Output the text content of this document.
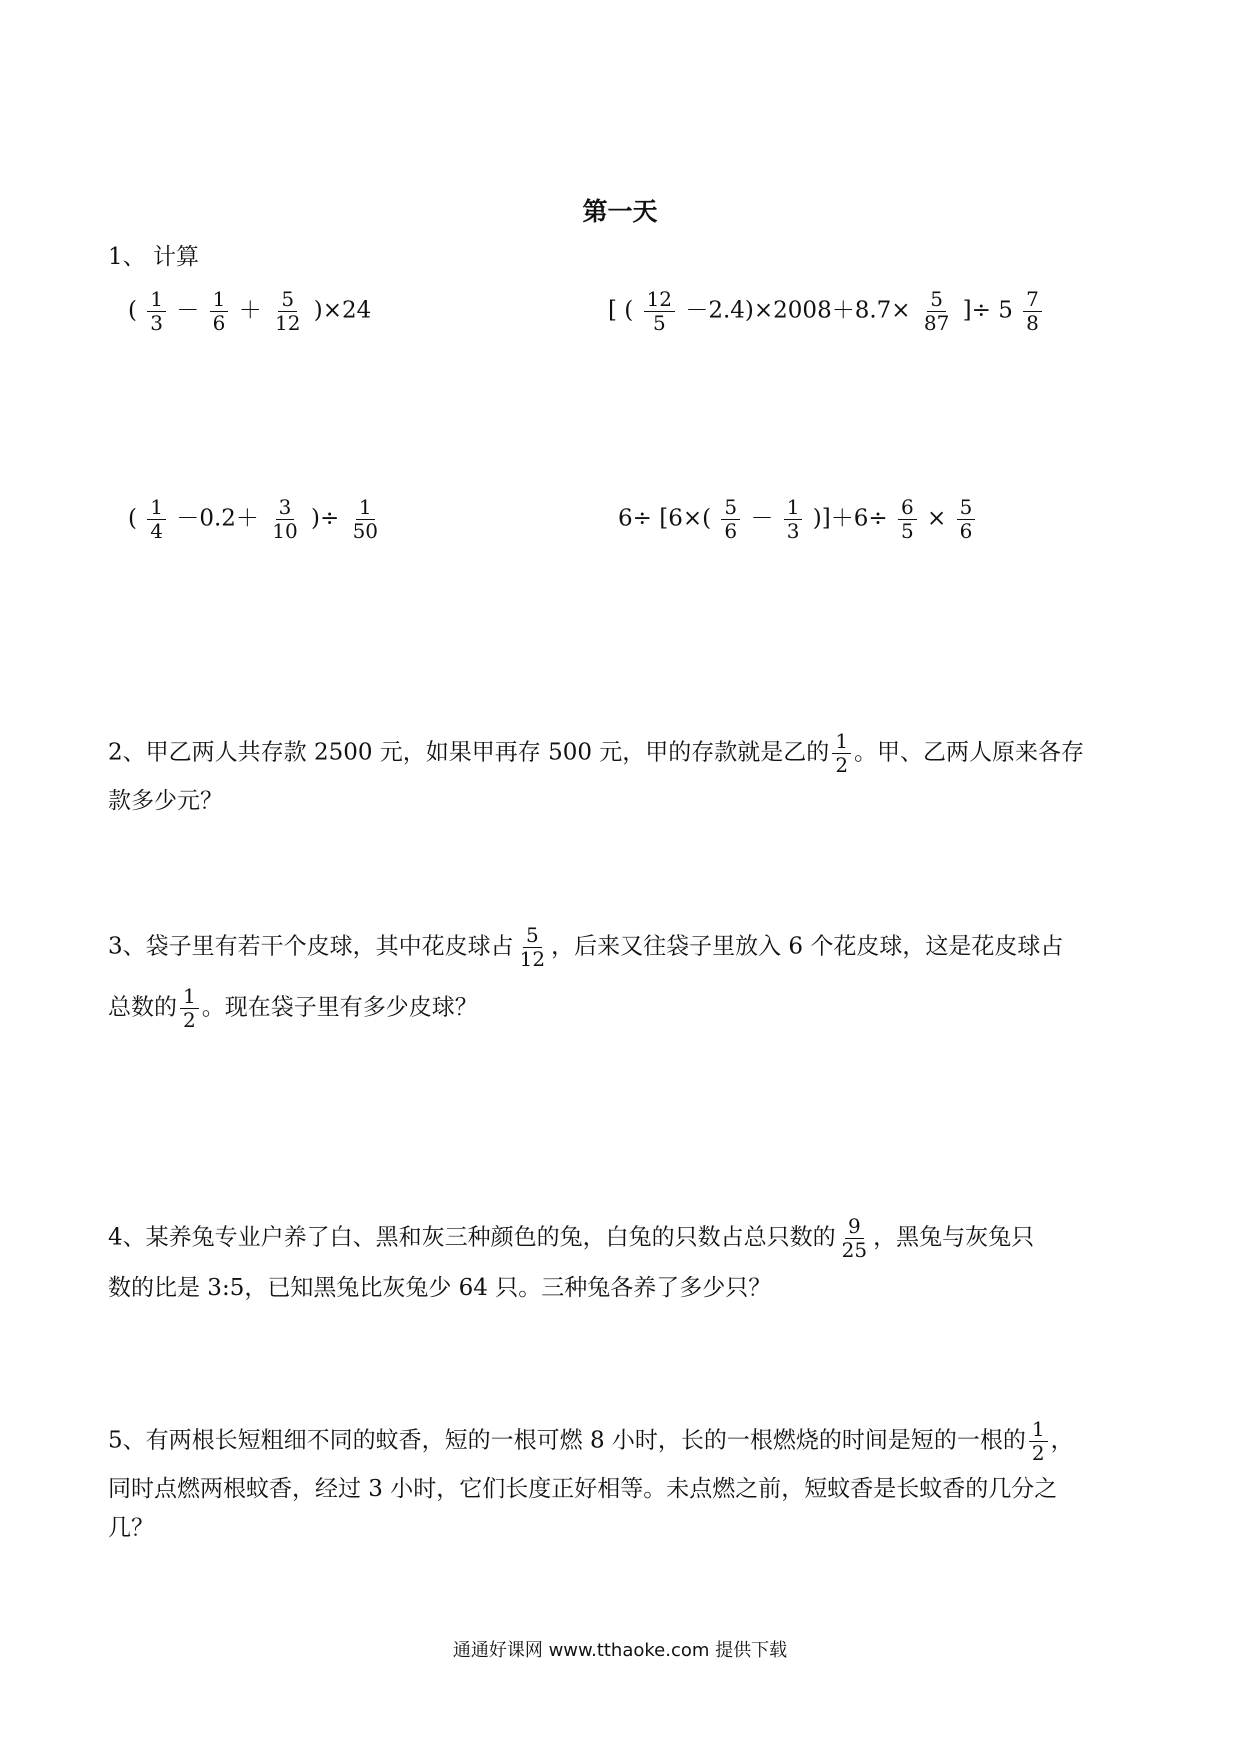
第一天
1、 计算
( $\frac{1}{3} - \frac{1}{6} + \frac{5}{12} )\times 24$	[ ( $\frac{12}{5} -2.4)\times 2008+8.7\times \frac{5}{87}$ ]÷ $5 \frac{7}{8}$
( $\frac{1}{4} -0.2+ \frac{3}{10}$ )÷ $\frac{1}{50}$	$6\div [6\times( \frac{5}{6} - \frac{1}{3} )]+6\div \frac{6}{5} \times \frac{5}{6}$
2、甲乙两人共存款 2500 元，如果甲再存 500 元，甲的存款就是乙的 $\frac{1}{2}$ 。甲、乙两人原来各存
款多少元？
3、袋子里有若干个皮球，其中花皮球占 $\frac{5}{12}$ ，后来又往袋子里放入 6 个花皮球，这是花皮球占
总数的 $\frac{1}{2}$ 。现在袋子里有多少皮球？
4、某养兔专业户养了白、黑和灰三种颜色的兔，白兔的只数占总只数的 $\frac{9}{25}$ ，黑兔与灰兔只
数的比是 3:5，已知黑兔比灰兔少 64 只。三种兔各养了多少只？
5、有两根长短粗细不同的蚊香，短的一根可燃 8 小时，长的一根燃烧的时间是短的一根的 $\frac{1}{2}$ ，
同时点燃两根蚊香，经过 3 小时，它们长度正好相等。未点燃之前，短蚊香是长蚊香的几分之
几？
通通好课网 www.tthaoke.com 提供下载
